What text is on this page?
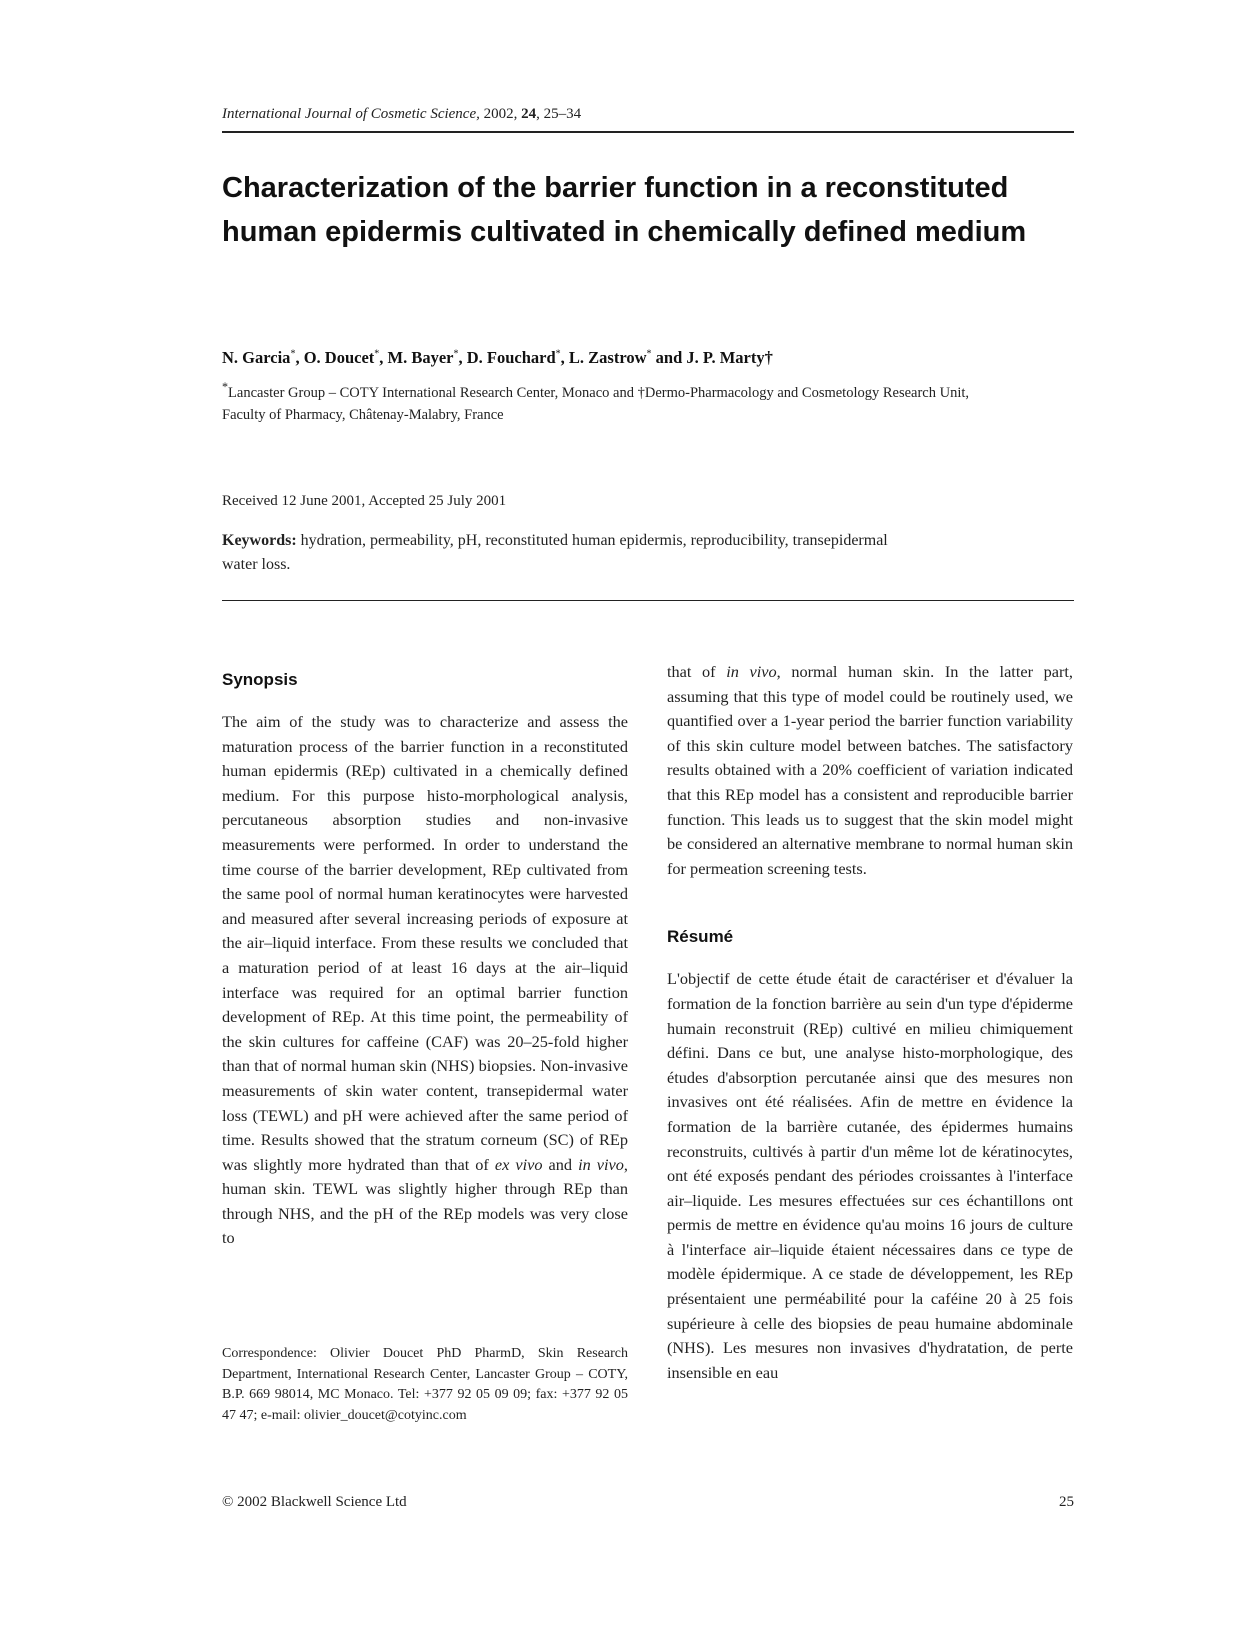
International Journal of Cosmetic Science, 2002, 24, 25–34
Characterization of the barrier function in a reconstituted human epidermis cultivated in chemically defined medium
N. Garcia*, O. Doucet*, M. Bayer*, D. Fouchard*, L. Zastrow* and J. P. Marty†
*Lancaster Group – COTY International Research Center, Monaco and †Dermo-Pharmacology and Cosmetology Research Unit, Faculty of Pharmacy, Châtenay-Malabry, France
Received 12 June 2001, Accepted 25 July 2001
Keywords: hydration, permeability, pH, reconstituted human epidermis, reproducibility, transepidermal water loss.
Synopsis

The aim of the study was to characterize and assess the maturation process of the barrier function in a reconstituted human epidermis (REp) cultivated in a chemically defined medium. For this purpose histo-morphological analysis, percutaneous absorption studies and non-invasive measurements were performed. In order to understand the time course of the barrier development, REp cultivated from the same pool of normal human keratinocytes were harvested and measured after several increasing periods of exposure at the air–liquid interface. From these results we concluded that a maturation period of at least 16 days at the air–liquid interface was required for an optimal barrier function development of REp. At this time point, the permeability of the skin cultures for caffeine (CAF) was 20–25-fold higher than that of normal human skin (NHS) biopsies. Non-invasive measurements of skin water content, transepidermal water loss (TEWL) and pH were achieved after the same period of time. Results showed that the stratum corneum (SC) of REp was slightly more hydrated than that of ex vivo and in vivo, human skin. TEWL was slightly higher through REp than through NHS, and the pH of the REp models was very close to

Correspondence: Olivier Doucet PhD PharmD, Skin Research Department, International Research Center, Lancaster Group – COTY, B.P. 669 98014, MC Monaco. Tel: +377 92 05 09 09; fax: +377 92 05 47 47; e-mail: olivier_doucet@cotyinc.com

that of in vivo, normal human skin. In the latter part, assuming that this type of model could be routinely used, we quantified over a 1-year period the barrier function variability of this skin culture model between batches. The satisfactory results obtained with a 20% coefficient of variation indicated that this REp model has a consistent and reproducible barrier function. This leads us to suggest that the skin model might be considered an alternative membrane to normal human skin for permeation screening tests.

Résumé

L'objectif de cette étude était de caractériser et d'évaluer la formation de la fonction barrière au sein d'un type d'épiderme humain reconstruit (REp) cultivé en milieu chimiquement défini. Dans ce but, une analyse histo-morphologique, des études d'absorption percutanée ainsi que des mesures non invasives ont été réalisées. Afin de mettre en évidence la formation de la barrière cutanée, des épidermes humains reconstruits, cultivés à partir d'un même lot de kératinocytes, ont été exposés pendant des périodes croissantes à l'interface air–liquide. Les mesures effectuées sur ces échantillons ont permis de mettre en évidence qu'au moins 16 jours de culture à l'interface air–liquide étaient nécessaires dans ce type de modèle épidermique. A ce stade de développement, les REp présentaient une perméabilité pour la caféine 20 à 25 fois supérieure à celle des biopsies de peau humaine abdominale (NHS). Les mesures non invasives d'hydratation, de perte insensible en eau

© 2002 Blackwell Science Ltd	25
